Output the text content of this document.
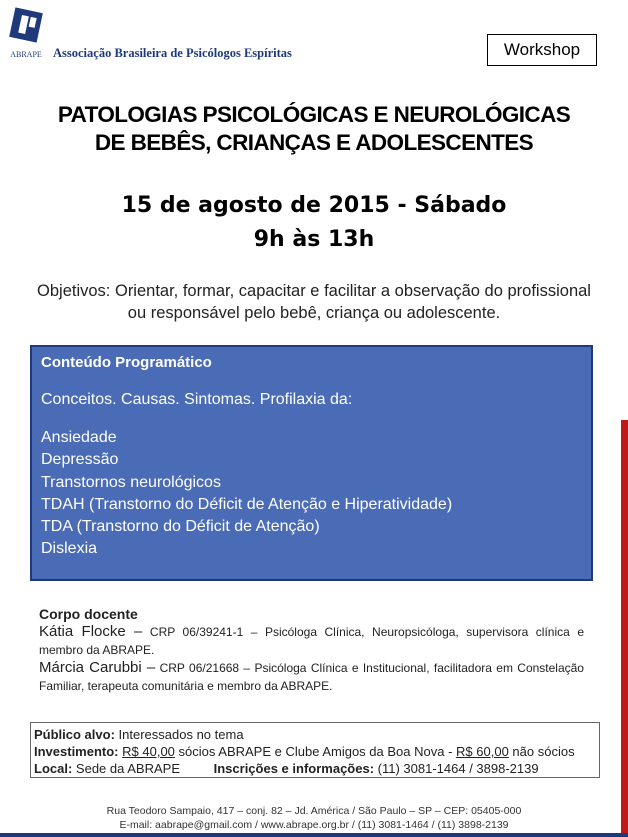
ABRAPE Associação Brasileira de Psicólogos Espíritas	Workshop
PATOLOGIAS PSICOLÓGICAS E NEUROLÓGICAS
DE BEBÊS, CRIANÇAS E ADOLESCENTES
15 de agosto de 2015 - Sábado
9h às 13h
Objetivos: Orientar, formar, capacitar e facilitar a observação do profissional ou responsável pelo bebê, criança ou adolescente.
Conteúdo Programático
Conceitos. Causas. Sintomas. Profilaxia da:
Ansiedade
Depressão
Transtornos neurológicos
TDAH (Transtorno do Déficit de Atenção e Hiperatividade)
TDA (Transtorno do Déficit de Atenção)
Dislexia
Corpo docente
Kátia Flocke – CRP 06/39241-1 – Psicóloga Clínica, Neuropsicóloga, supervisora clínica e membro da ABRAPE.
Márcia Carubbi – CRP 06/21668 – Psicóloga Clínica e Institucional, facilitadora em Constelação Familiar, terapeuta comunitária e membro da ABRAPE.
Público alvo: Interessados no tema
Investimento: R$ 40,00 sócios ABRAPE e Clube Amigos da Boa Nova - R$ 60,00 não sócios
Local: Sede da ABRAPE	Inscrições e informações: (11) 3081-1464 / 3898-2139
Rua Teodoro Sampaio, 417 – conj. 82 – Jd. América / São Paulo – SP – CEP: 05405-000
E-mail: aabrape@gmail.com / www.abrape.org.br / (11) 3081-1464 / (11) 3898-2139
